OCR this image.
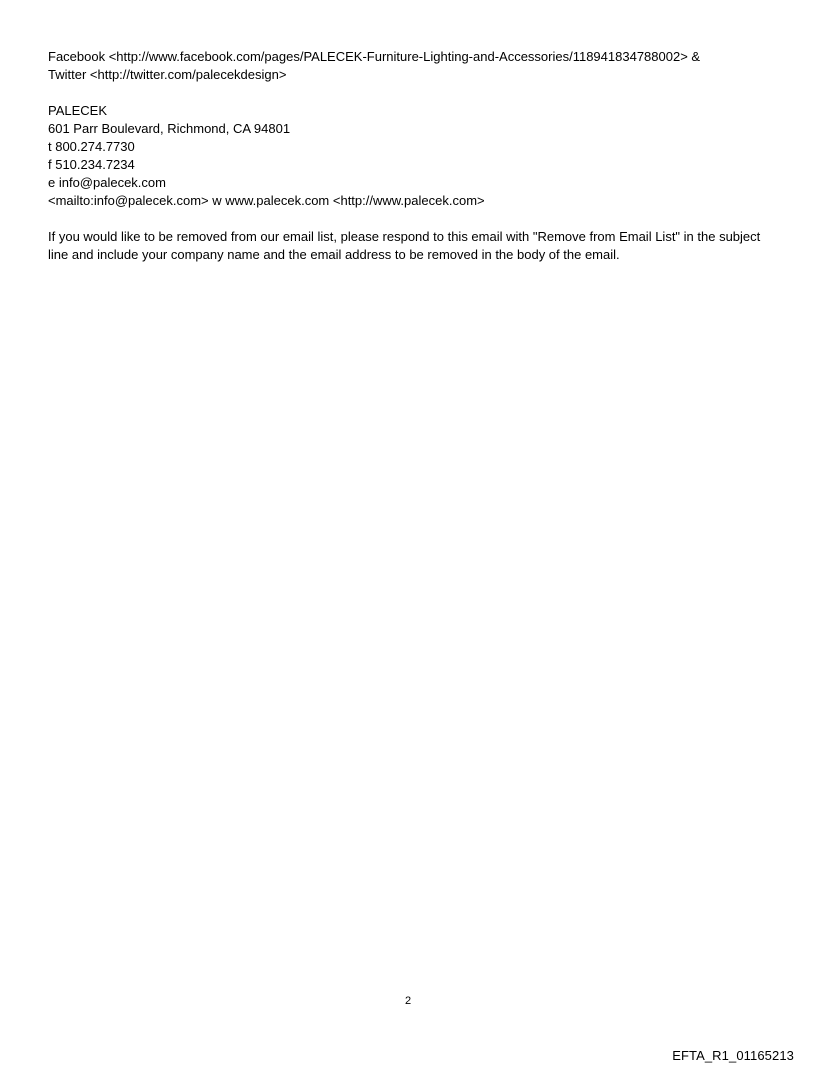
Facebook <http://www.facebook.com/pages/PALECEK-Furniture-Lighting-and-Accessories/118941834788002> &
Twitter <http://twitter.com/palecekdesign>
PALECEK
601 Parr Boulevard, Richmond, CA 94801
t 800.274.7730
f 510.234.7234
e info@palecek.com
<mailto:info@palecek.com> w www.palecek.com <http://www.palecek.com>
If you would like to be removed from our email list, please respond to this email with "Remove from Email List" in the subject line and include your company name and the email address to be removed in the body of the email.
2
EFTA_R1_01165213
